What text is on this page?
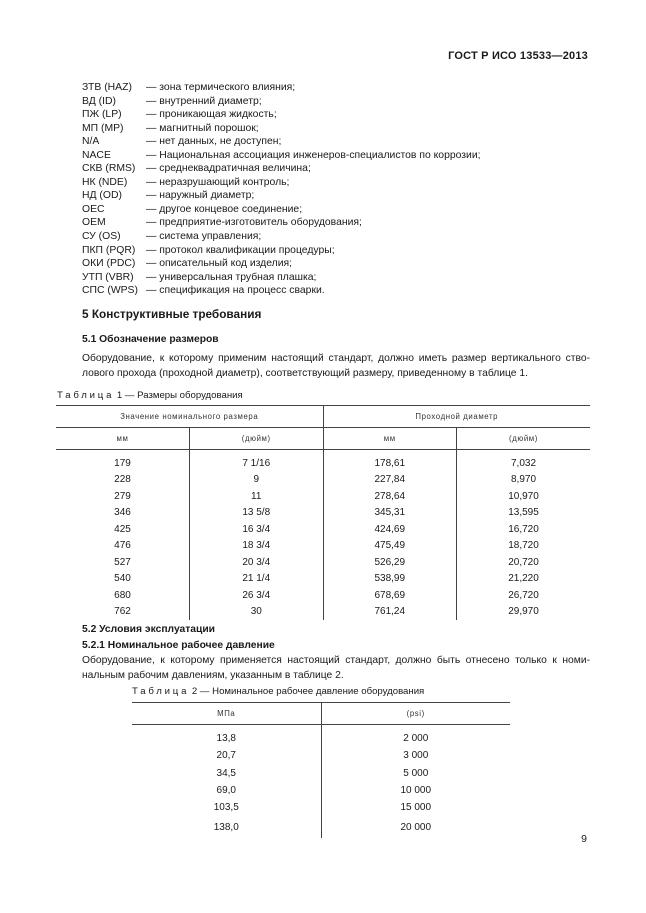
ГОСТ Р ИСО 13533—2013
ЗТВ (HAZ)	— зона термического влияния;
ВД (ID)	— внутренний диаметр;
ПЖ (LP)	— проникающая жидкость;
МП (MP)	— магнитный порошок;
N/A	— нет данных, не доступен;
NACE	— Национальная ассоциация инженеров-специалистов по коррозии;
СКВ (RMS)	— среднеквадратичная величина;
НК (NDE)	— неразрушающий контроль;
НД (OD)	— наружный диаметр;
OEC	— другое концевое соединение;
OEM	— предприятие-изготовитель оборудования;
СУ (OS)	— система управления;
ПКП (PQR)	— протокол квалификации процедуры;
ОКИ (PDC)	— описательный код изделия;
УТП (VBR)	— универсальная трубная плашка;
СПС (WPS) — спецификация на процесс сварки.
5 Конструктивные требования
5.1 Обозначение размеров
Оборудование, к которому применим настоящий стандарт, должно иметь размер вертикального ство-лового прохода (проходной диаметр), соответствующий размеру, приведенному в таблице 1.
Таблица 1 — Размеры оборудования
Значение номинального размера		Проходной диаметр	
мм	(дюйм)	мм	(дюйм)
179	7 1/16	178,61	7,032
228	9	227,84	8,970
279	11	278,64	10,970
346	13 5/8	345,31	13,595
425	16 3/4	424,69	16,720
476	18 3/4	475,49	18,720
527	20 3/4	526,29	20,720
540	21 1/4	538,99	21,220
680	26 3/4	678,69	26,720
762	30	761,24	29,970
5.2 Условия эксплуатации
5.2.1 Номинальное рабочее давление
Оборудование, к которому применяется настоящий стандарт, должно быть отнесено только к номи-нальным рабочим давлениям, указанным в таблице 2.
Таблица 2 — Номинальное рабочее давление оборудования
МПа	(psi)
13,8	2 000
20,7	3 000
34,5	5 000
69,0	10 000
103,5	15 000
138,0	20 000
9
